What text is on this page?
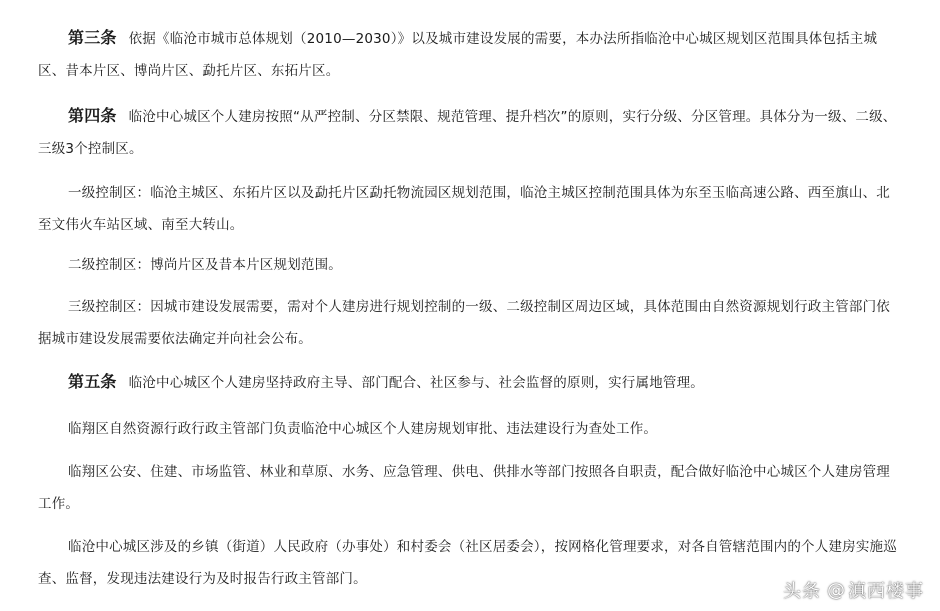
第三条 依据《临沧市城市总体规划（2010—2030）》以及城市建设发展的需要，本办法所指临沧中心城区规划区范围具体包括主城区、昔本片区、博尚片区、勐托片区、东拓片区。

第四条 临沧中心城区个人建房按照“从严控制、分区禁限、规范管理、提升档次”的原则，实行分级、分区管理。具体分为一级、二级、三级3个控制区。

一级控制区：临沧主城区、东拓片区以及勐托片区勐托物流园区规划范围，临沧主城区控制范围具体为东至玉临高速公路、西至旗山、北至文伟火车站区域、南至大转山。

二级控制区：博尚片区及昔本片区规划范围。

三级控制区：因城市建设发展需要，需对个人建房进行规划控制的一级、二级控制区周边区域，具体范围由自然资源规划行政主管部门依据城市建设发展需要依法确定并向社会公布。

第五条 临沧中心城区个人建房坚持政府主导、部门配合、社区参与、社会监督的原则，实行属地管理。

临翔区自然资源行政行政主管部门负责临沧中心城区个人建房规划审批、违法建设行为查处工作。

临翔区公安、住建、市场监管、林业和草原、水务、应急管理、供电、供排水等部门按照各自职责，配合做好临沧中心城区个人建房管理工作。

临沧中心城区涉及的乡镇（街道）人民政府（办事处）和村委会（社区居委会），按网格化管理要求，对各自管辖范围内的个人建房实施巡查、监督，发现违法建设行为及时报告行政主管部门。

头条 @ 滇西楼事
